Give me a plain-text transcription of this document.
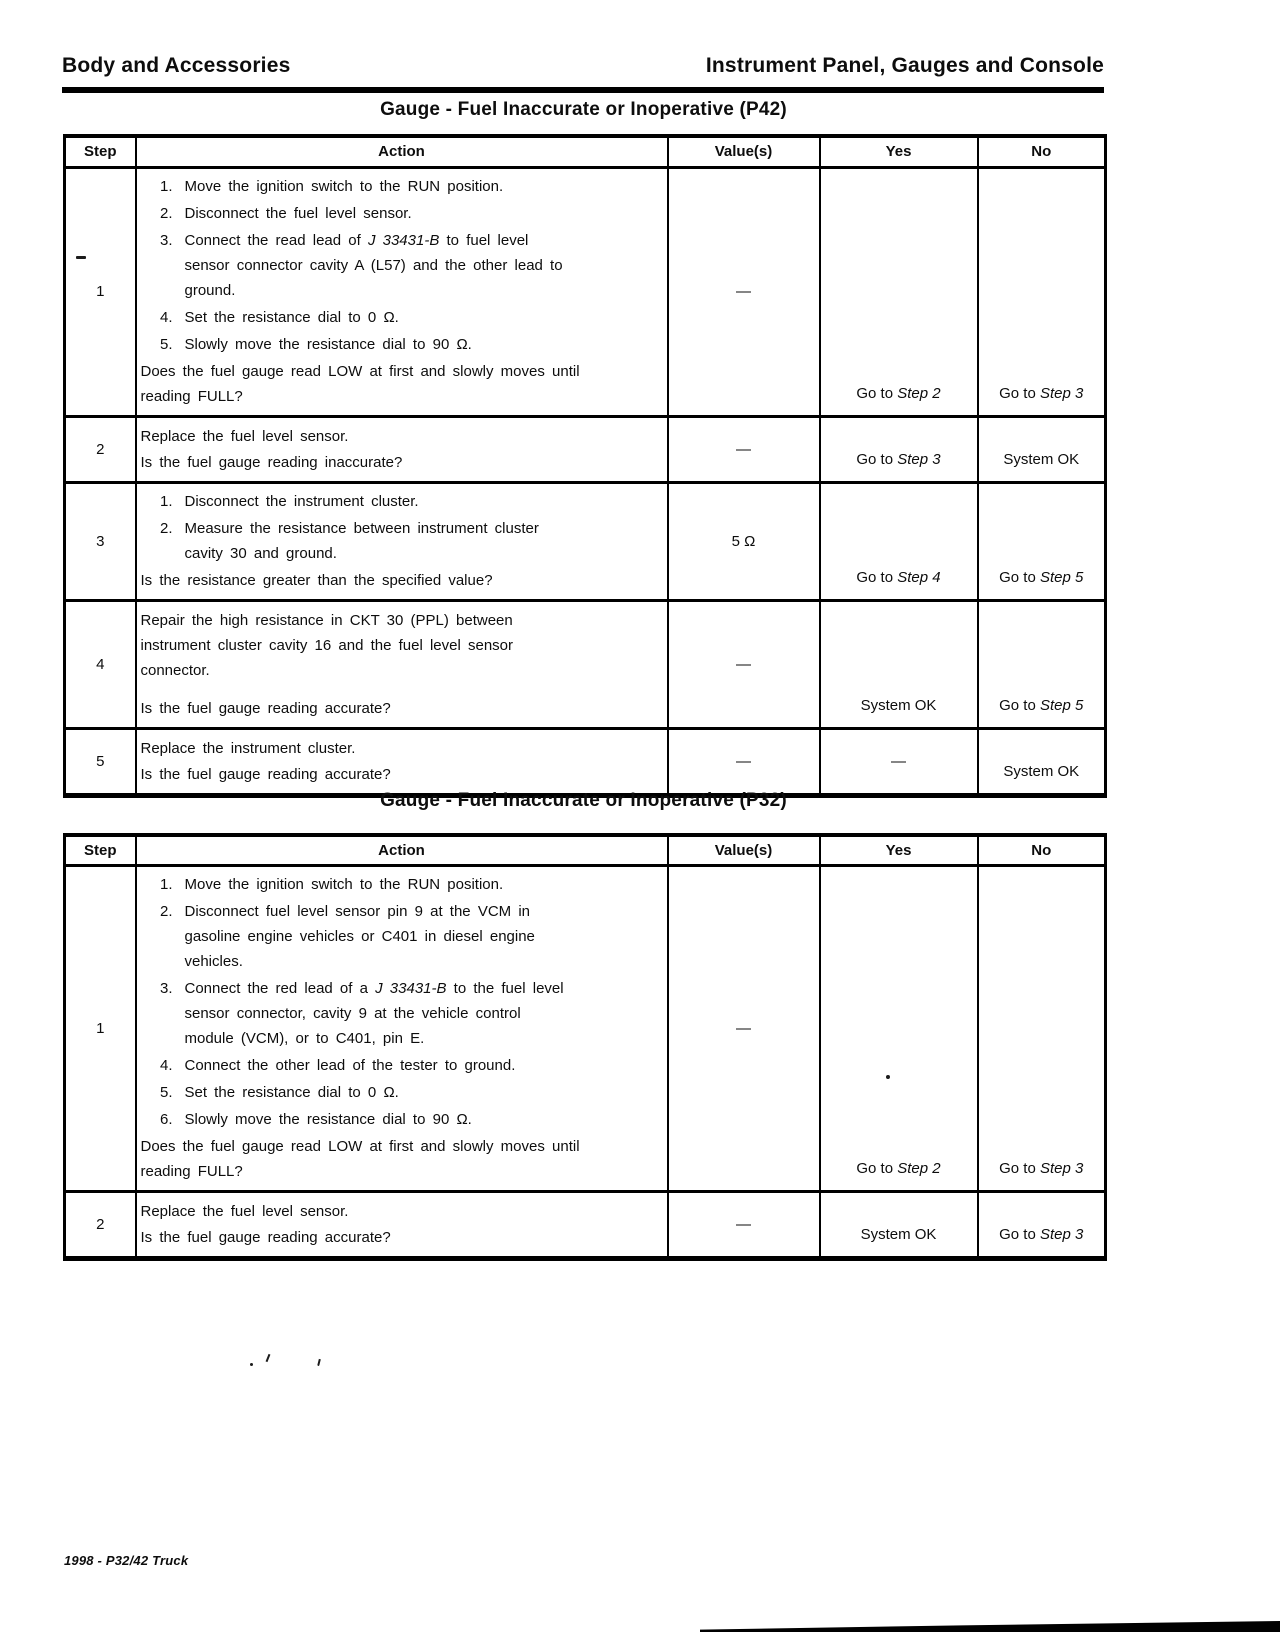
Body and Accessories	Instrument Panel, Gauges and Console
Gauge - Fuel Inaccurate or Inoperative (P42)
Step	Action	Value(s)	Yes	No
1	
Move the ignition switch to the RUN position.
Disconnect the fuel level sensor.
Connect the read lead of J 33431-B to fuel level sensor connector cavity A (L57) and the other lead to ground.
Set the resistance dial to 0 Ω.
Slowly move the resistance dial to 90 Ω.
Does the fuel gauge read LOW at first and slowly moves until reading FULL?
	—	Go to Step 2	Go to Step 3
2	Replace the fuel level sensor.
Is the fuel gauge reading inaccurate?	—	Go to Step 3	System OK
3	Disconnect the instrument cluster.
Measure the resistance between instrument cluster cavity 30 and ground.
Is the resistance greater than the specified value?	5 Ω	Go to Step 4	Go to Step 5
4	Repair the high resistance in CKT 30 (PPL) between instrument cluster cavity 16 and the fuel level sensor connector.
Is the fuel gauge reading accurate?	—	System OK	Go to Step 5
5	Replace the instrument cluster.
Is the fuel gauge reading accurate?	—	—	System OK
Gauge - Fuel Inaccurate or Inoperative (P32)
Step	Action	Value(s)	Yes	No
1	
Move the ignition switch to the RUN position.
Disconnect fuel level sensor pin 9 at the VCM in gasoline engine vehicles or C401 in diesel engine vehicles.
Connect the red lead of a J 33431-B to the fuel level sensor connector, cavity 9 at the vehicle control module (VCM), or to C401, pin E.
Connect the other lead of the tester to ground.
Set the resistance dial to 0 Ω.
Slowly move the resistance dial to 90 Ω.
Does the fuel gauge read LOW at first and slowly moves until reading FULL?
	—	Go to Step 2	Go to Step 3
2	Replace the fuel level sensor.
Is the fuel gauge reading accurate?	—	System OK	Go to Step 3
1998 - P32/42 Truck
